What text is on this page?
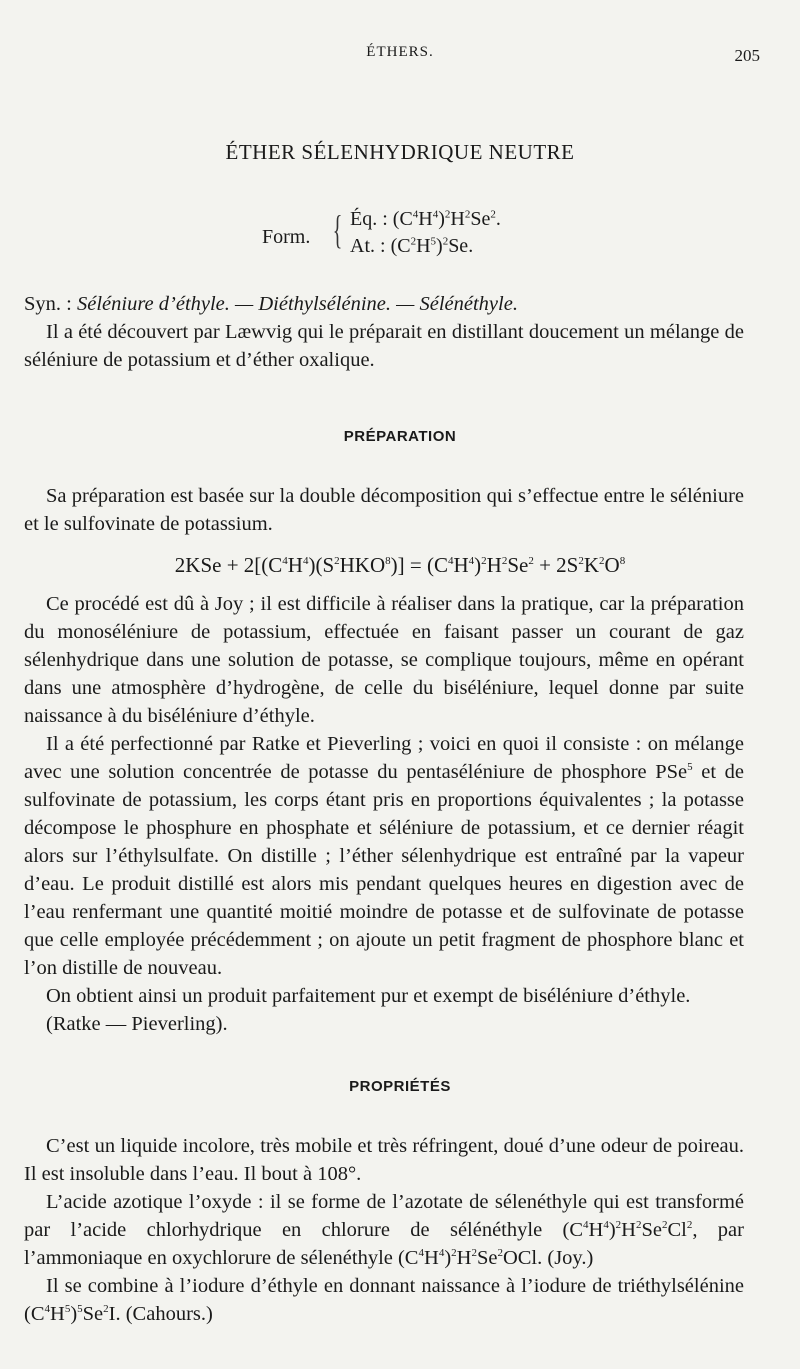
ÉTHERS.	205
ÉTHER SÉLENHYDRIQUE NEUTRE
Form. { Éq. : $(C^4H^4)^2H^2Se^2$.
At. : $(C^2H^5)^2Se$.

Syn. : Séléniure d’éthyle. — Diéthylsélénine. — Sélénéthyle.

Il a été découvert par Læwvig qui le préparait en distillant doucement un mélange de séléniure de potassium et d’éther oxalique.

PRÉPARATION

Sa préparation est basée sur la double décomposition qui s’effectue entre le séléniure et le sulfovinate de potassium.

$2KSe + 2[(C^4H^4)(S^2HKO^8)] = (C^4H^4)^2H^2Se^2 + 2S^2K^2O^8$

Ce procédé est dû à Joy ; il est difficile à réaliser dans la pratique, car la préparation du monoséléniure de potassium, effectuée en faisant passer un courant de gaz sélenhydrique dans une solution de potasse, se complique toujours, même en opérant dans une atmosphère d’hydrogène, de celle du biséléniure, lequel donne par suite naissance à du biséléniure d’éthyle.

Il a été perfectionné par Ratke et Pieverling ; voici en quoi il consiste : on mélange avec une solution concentrée de potasse du pentaséléniure de phosphore PSe$^5$ et de sulfovinate de potassium, les corps étant pris en proportions équivalentes ; la potasse décompose le phosphure en phosphate et séléniure de potassium, et ce dernier réagit alors sur l’éthylsulfate. On distille ; l’éther sélenhydrique est entraîné par la vapeur d’eau. Le produit distillé est alors mis pendant quelques heures en digestion avec de l’eau renfermant une quantité moitié moindre de potasse et de sulfovinate de potasse que celle employée précédemment ; on ajoute un petit fragment de phosphore blanc et l’on distille de nouveau.

On obtient ainsi un produit parfaitement pur et exempt de biséléniure d’éthyle.

(Ratke — Pieverling).

PROPRIÉTÉS

C’est un liquide incolore, très mobile et très réfringent, doué d’une odeur de poireau. Il est insoluble dans l’eau. Il bout à 108°.

L’acide azotique l’oxyde : il se forme de l’azotate de sélenéthyle qui est transformé par l’acide chlorhydrique en chlorure de sélénéthyle $(C^4H^4)^2H^2Se^2Cl^2$, par l’ammoniaque en oxychlorure de sélenéthyle $(C^4H^4)^2H^2Se^2OCl$. (Joy.)

Il se combine à l’iodure d’éthyle en donnant naissance à l’iodure de triéthylsélénine $(C^4H^5)^5Se^2I$. (Cahours.)
